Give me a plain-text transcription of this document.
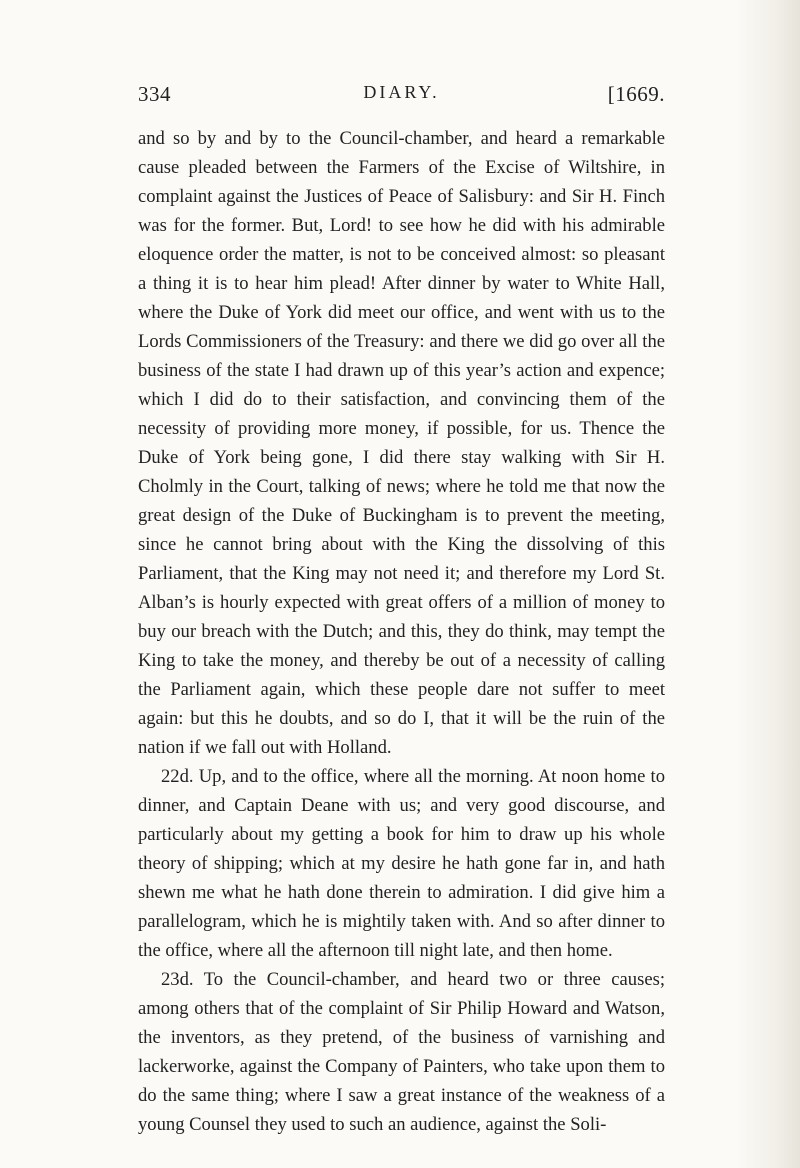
334	DIARY.	[1669.

and so by and by to the Council-chamber, and heard a remarkable cause pleaded between the Farmers of the Excise of Wiltshire, in complaint against the Justices of Peace of Salisbury: and Sir H. Finch was for the former. But, Lord! to see how he did with his admirable eloquence order the matter, is not to be conceived almost: so pleasant a thing it is to hear him plead! After dinner by water to White Hall, where the Duke of York did meet our office, and went with us to the Lords Commissioners of the Treasury: and there we did go over all the business of the state I had drawn up of this year’s action and expence; which I did do to their satisfaction, and convincing them of the necessity of providing more money, if possible, for us. Thence the Duke of York being gone, I did there stay walking with Sir H. Cholmly in the Court, talking of news; where he told me that now the great design of the Duke of Buckingham is to prevent the meeting, since he cannot bring about with the King the dissolving of this Parliament, that the King may not need it; and therefore my Lord St. Alban’s is hourly expected with great offers of a million of money to buy our breach with the Dutch; and this, they do think, may tempt the King to take the money, and thereby be out of a necessity of calling the Parliament again, which these people dare not suffer to meet again: but this he doubts, and so do I, that it will be the ruin of the nation if we fall out with Holland.

22d. Up, and to the office, where all the morning. At noon home to dinner, and Captain Deane with us; and very good discourse, and particularly about my getting a book for him to draw up his whole theory of shipping; which at my desire he hath gone far in, and hath shewn me what he hath done therein to admiration. I did give him a parallelogram, which he is mightily taken with. And so after dinner to the office, where all the afternoon till night late, and then home.

23d. To the Council-chamber, and heard two or three causes; among others that of the complaint of Sir Philip Howard and Watson, the inventors, as they pretend, of the business of varnishing and lackerworke, against the Company of Painters, who take upon them to do the same thing; where I saw a great instance of the weakness of a young Counsel they used to such an audience, against the Soli-
